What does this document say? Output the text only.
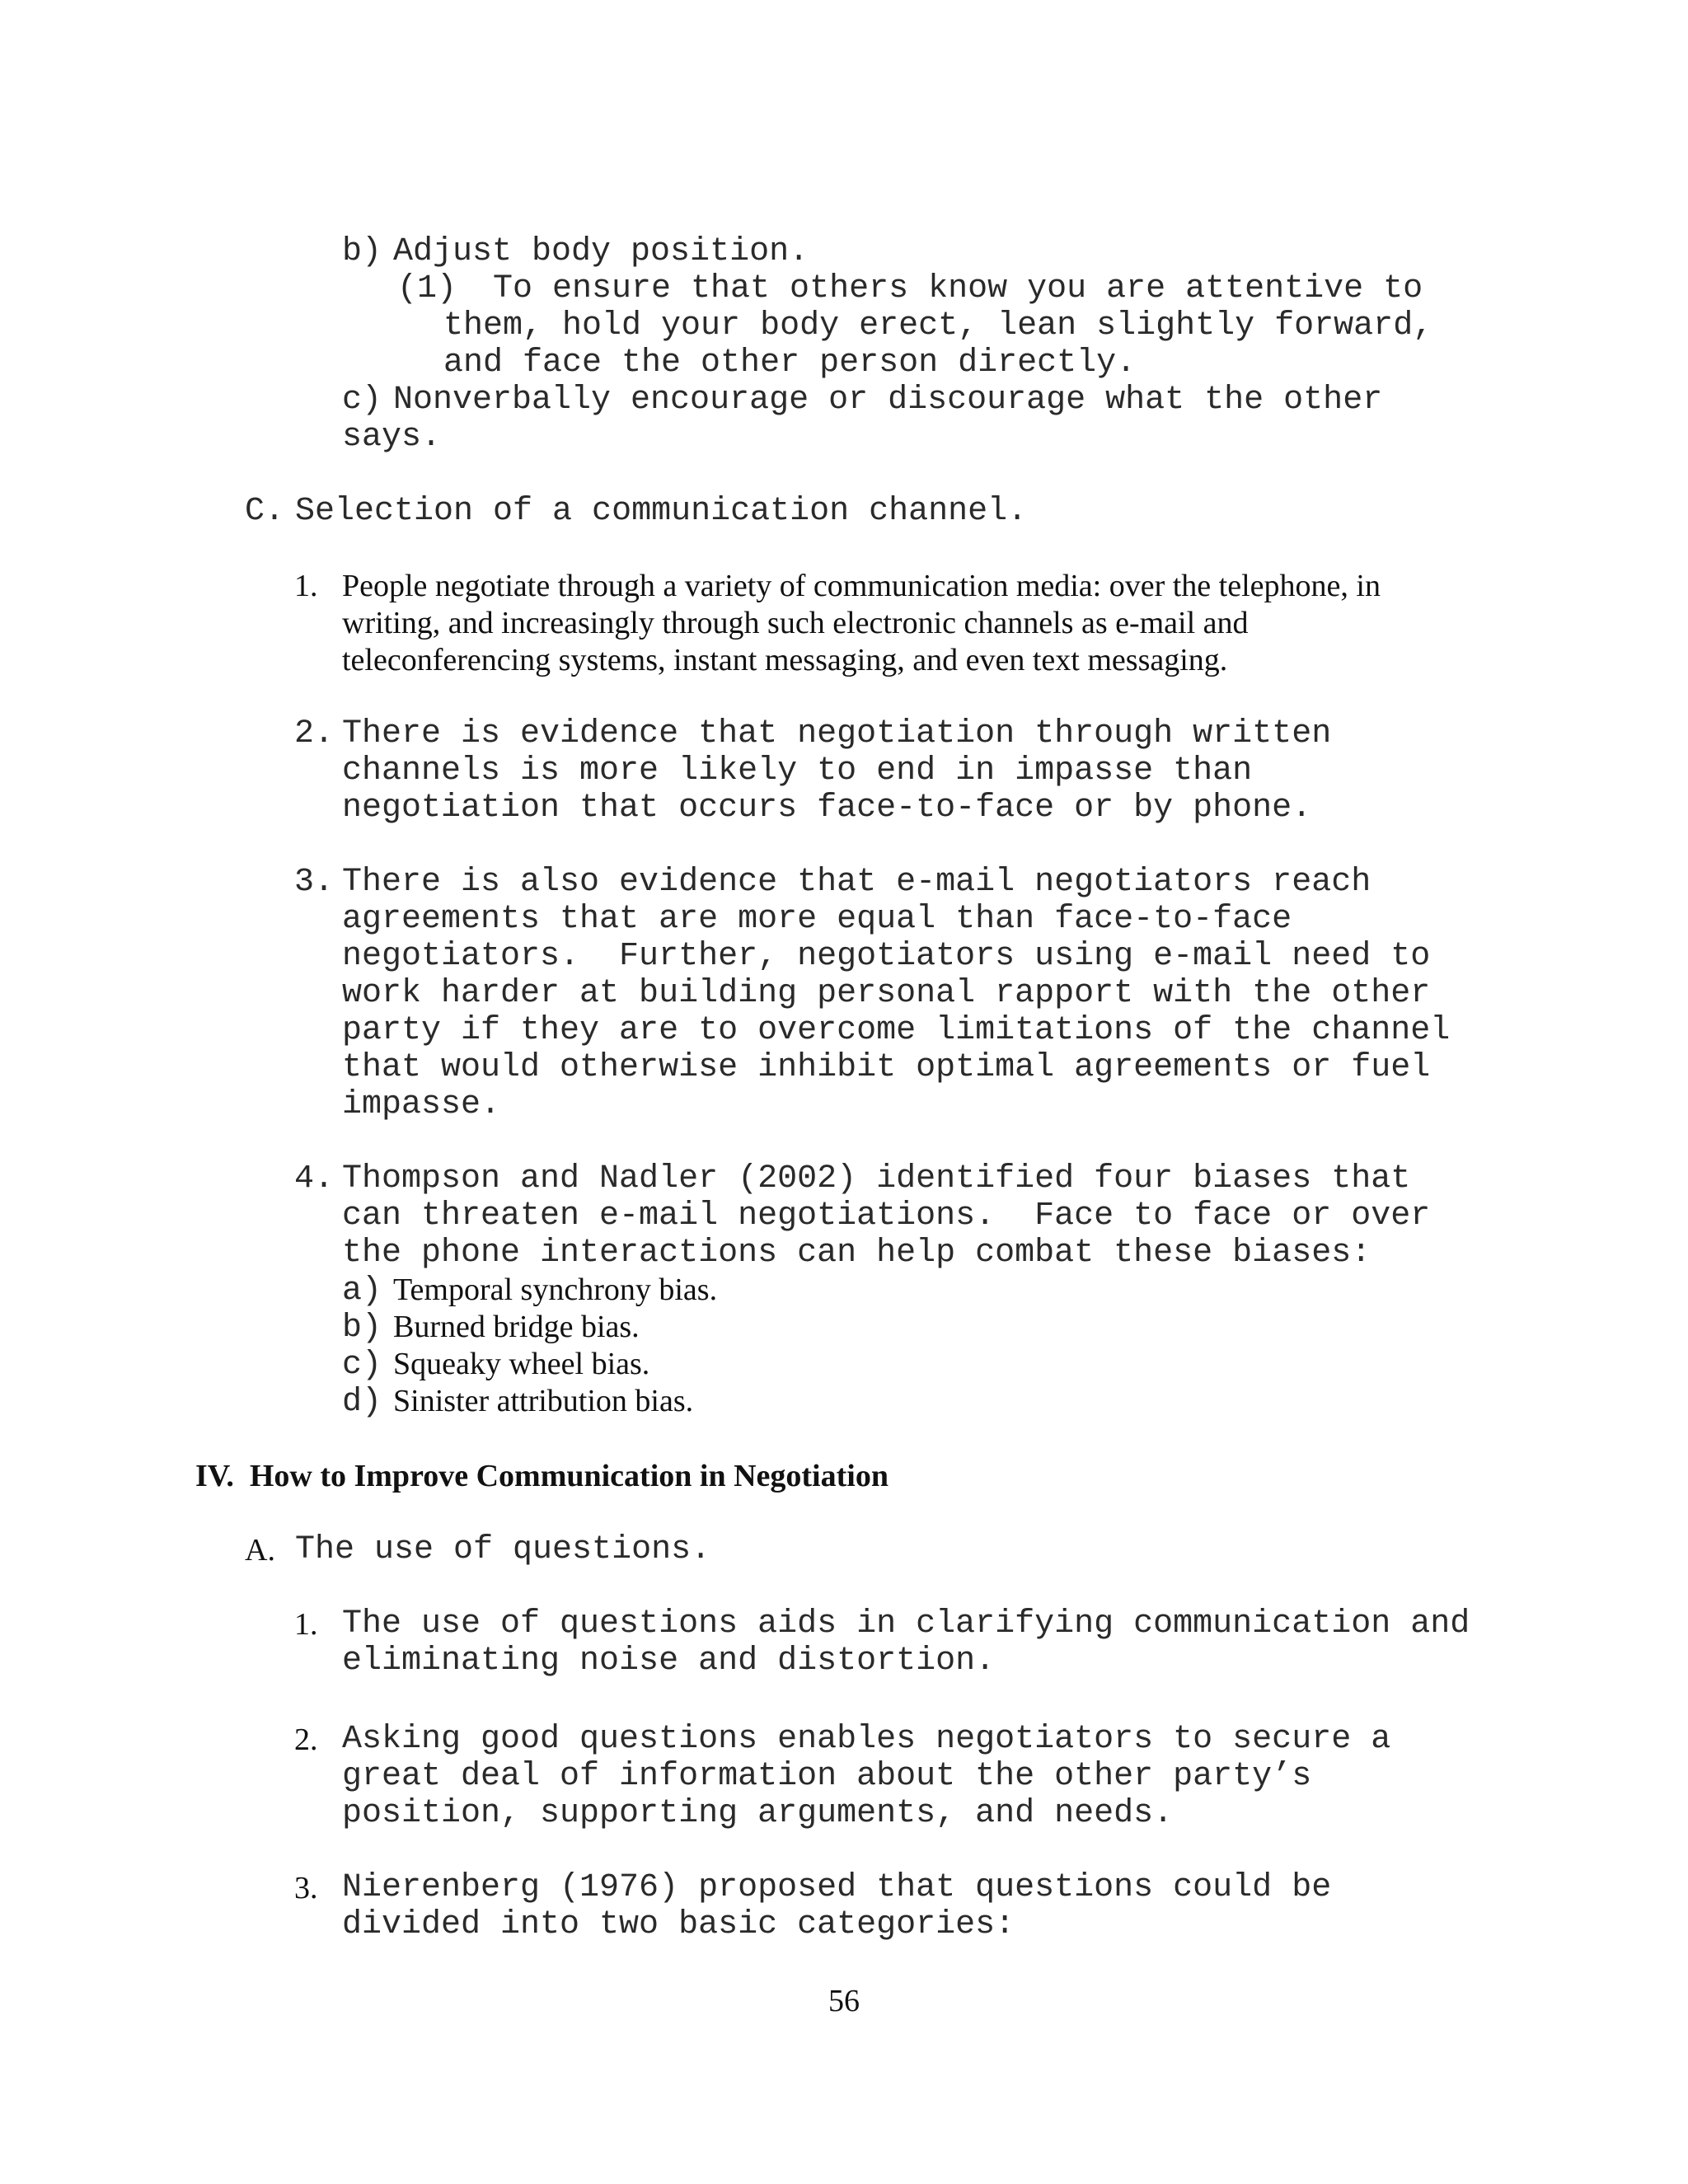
b) Adjust body position.
(1) To ensure that others know you are attentive to
them, hold your body erect, lean slightly forward,
and face the other person directly.
c) Nonverbally encourage or discourage what the other
says.
C. Selection of a communication channel.
1. People negotiate through a variety of communication media: over the telephone, in
writing, and increasingly through such electronic channels as e-mail and
teleconferencing systems, instant messaging, and even text messaging.
2. There is evidence that negotiation through written
channels is more likely to end in impasse than
negotiation that occurs face-to-face or by phone.
3. There is also evidence that e-mail negotiators reach
agreements that are more equal than face-to-face
negotiators.  Further, negotiators using e-mail need to
work harder at building personal rapport with the other
party if they are to overcome limitations of the channel
that would otherwise inhibit optimal agreements or fuel
impasse.
4. Thompson and Nadler (2002) identified four biases that
can threaten e-mail negotiations.  Face to face or over
the phone interactions can help combat these biases:
a) Temporal synchrony bias.
b) Burned bridge bias.
c) Squeaky wheel bias.
d) Sinister attribution bias.
IV.  How to Improve Communication in Negotiation
A. The use of questions.
1. The use of questions aids in clarifying communication and
eliminating noise and distortion.
2. Asking good questions enables negotiators to secure a
great deal of information about the other party’s
position, supporting arguments, and needs.
3. Nierenberg (1976) proposed that questions could be
divided into two basic categories:
56
